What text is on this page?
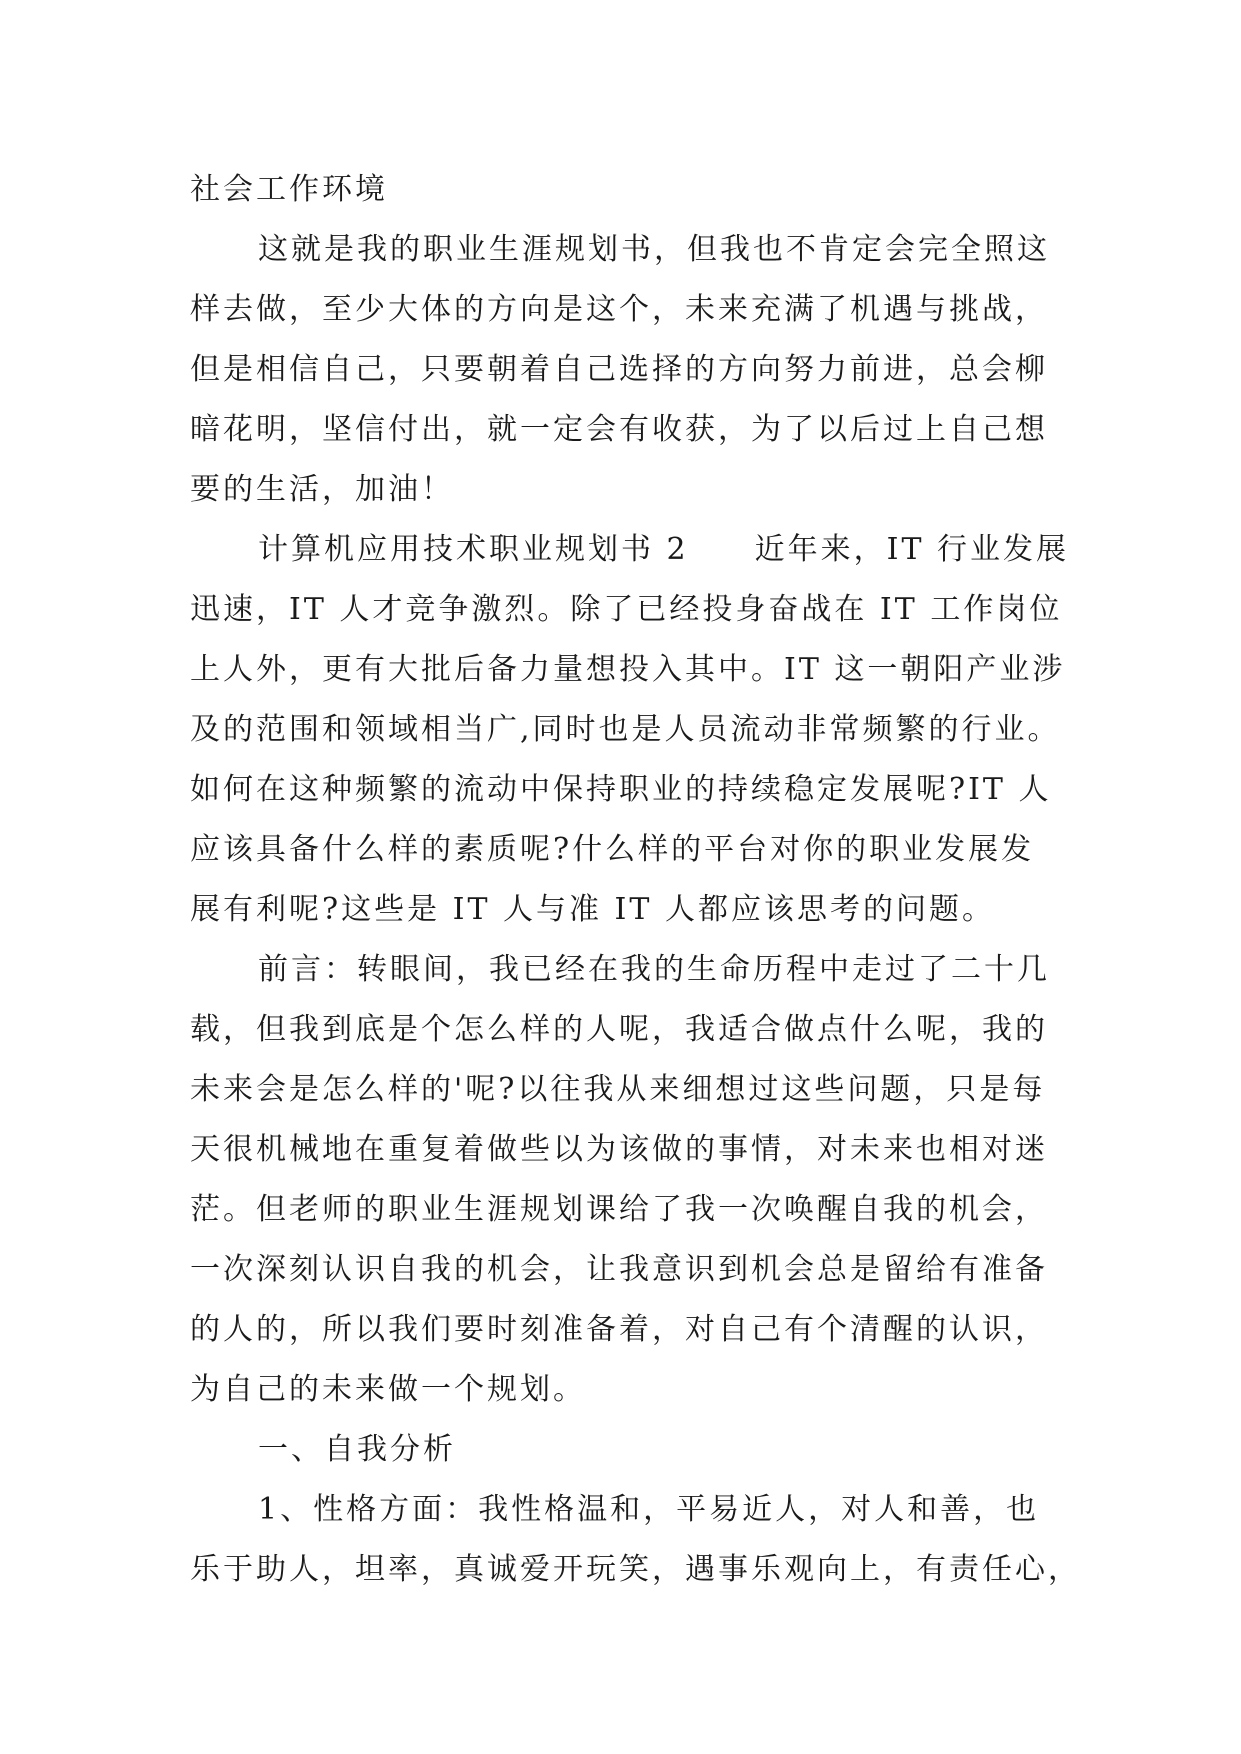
社会工作环境
这就是我的职业生涯规划书，但我也不肯定会完全照这
样去做，至少大体的方向是这个，未来充满了机遇与挑战，
但是相信自己，只要朝着自己选择的方向努力前进，总会柳
暗花明，坚信付出，就一定会有收获，为了以后过上自己想
要的生活，加油！
计算机应用技术职业规划书 2　　近年来，IT 行业发展
迅速，IT 人才竞争激烈。除了已经投身奋战在 IT 工作岗位
上人外，更有大批后备力量想投入其中。IT 这一朝阳产业涉
及的范围和领域相当广,同时也是人员流动非常频繁的行业。
如何在这种频繁的流动中保持职业的持续稳定发展呢?IT 人
应该具备什么样的素质呢?什么样的平台对你的职业发展发
展有利呢?这些是 IT 人与准 IT 人都应该思考的问题。
前言：转眼间，我已经在我的生命历程中走过了二十几
载，但我到底是个怎么样的人呢，我适合做点什么呢，我的
未来会是怎么样的'呢?以往我从来细想过这些问题，只是每
天很机械地在重复着做些以为该做的事情，对未来也相对迷
茫。但老师的职业生涯规划课给了我一次唤醒自我的机会，
一次深刻认识自我的机会，让我意识到机会总是留给有准备
的人的，所以我们要时刻准备着，对自己有个清醒的认识，
为自己的未来做一个规划。
一、自我分析
1、性格方面：我性格温和，平易近人，对人和善，也
乐于助人，坦率，真诚爱开玩笑，遇事乐观向上，有责任心，
